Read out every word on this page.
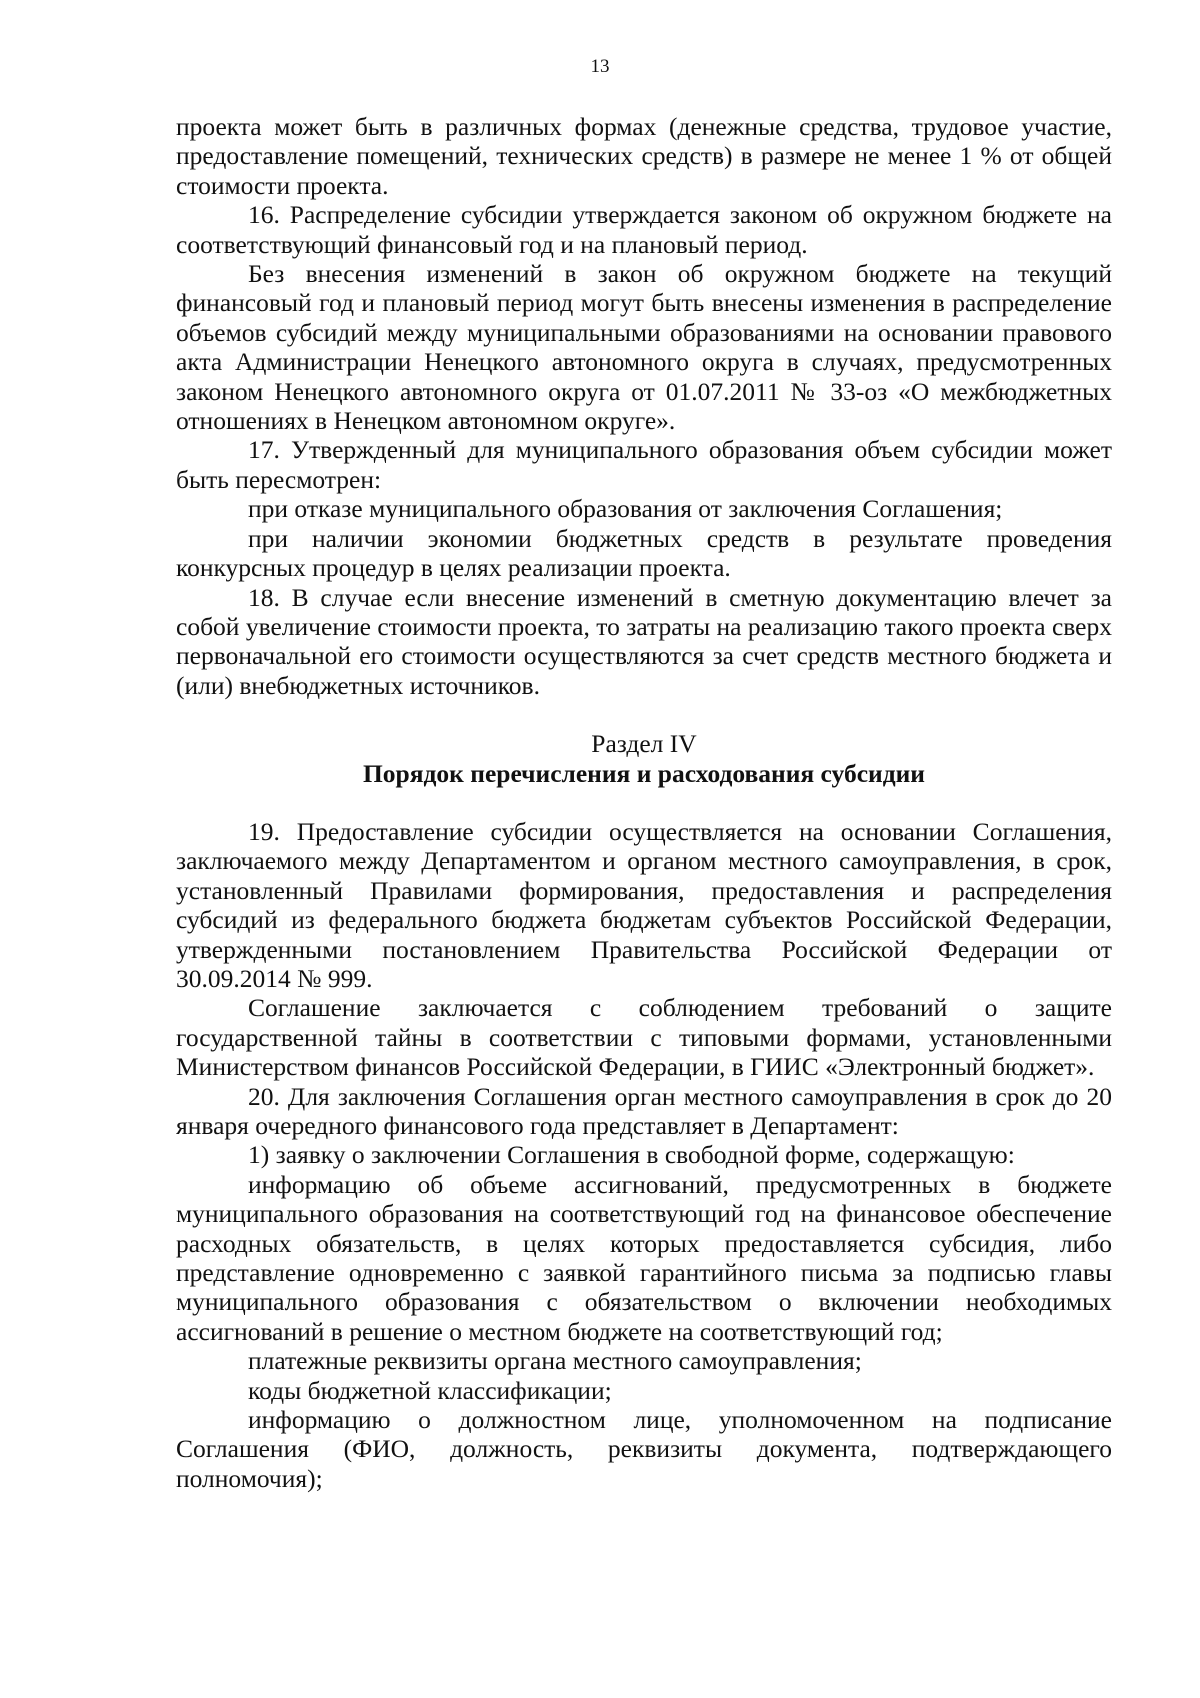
13

проекта может быть в различных формах (денежные средства, трудовое участие, предоставление помещений, технических средств) в размере не менее 1 % от общей стоимости проекта.

16. Распределение субсидии утверждается законом об окружном бюджете на соответствующий финансовый год и на плановый период.

Без внесения изменений в закон об окружном бюджете на текущий финансовый год и плановый период могут быть внесены изменения в распределение объемов субсидий между муниципальными образованиями на основании правового акта Администрации Ненецкого автономного округа в случаях, предусмотренных законом Ненецкого автономного округа от 01.07.2011 № 33-оз «О межбюджетных отношениях в Ненецком автономном округе».

17. Утвержденный для муниципального образования объем субсидии может быть пересмотрен:

при отказе муниципального образования от заключения Соглашения;

при наличии экономии бюджетных средств в результате проведения конкурсных процедур в целях реализации проекта.

18. В случае если внесение изменений в сметную документацию влечет за собой увеличение стоимости проекта, то затраты на реализацию такого проекта сверх первоначальной его стоимости осуществляются за счет средств местного бюджета и (или) внебюджетных источников.

Раздел IV
Порядок перечисления и расходования субсидии

19. Предоставление субсидии осуществляется на основании Соглашения, заключаемого между Департаментом и органом местного самоуправления, в срок, установленный Правилами формирования, предоставления и распределения субсидий из федерального бюджета бюджетам субъектов Российской Федерации, утвержденными постановлением Правительства Российской Федерации от 30.09.2014 № 999.

Соглашение заключается с соблюдением требований о защите государственной тайны в соответствии с типовыми формами, установленными Министерством финансов Российской Федерации, в ГИИС «Электронный бюджет».

20. Для заключения Соглашения орган местного самоуправления в срок до 20 января очередного финансового года представляет в Департамент:

1) заявку о заключении Соглашения в свободной форме, содержащую:

информацию об объеме ассигнований, предусмотренных в бюджете муниципального образования на соответствующий год на финансовое обеспечение расходных обязательств, в целях которых предоставляется субсидия, либо представление одновременно с заявкой гарантийного письма за подписью главы муниципального образования с обязательством о включении необходимых ассигнований в решение о местном бюджете на соответствующий год;

платежные реквизиты органа местного самоуправления;

коды бюджетной классификации;

информацию о должностном лице, уполномоченном на подписание Соглашения (ФИО, должность, реквизиты документа, подтверждающего полномочия);
